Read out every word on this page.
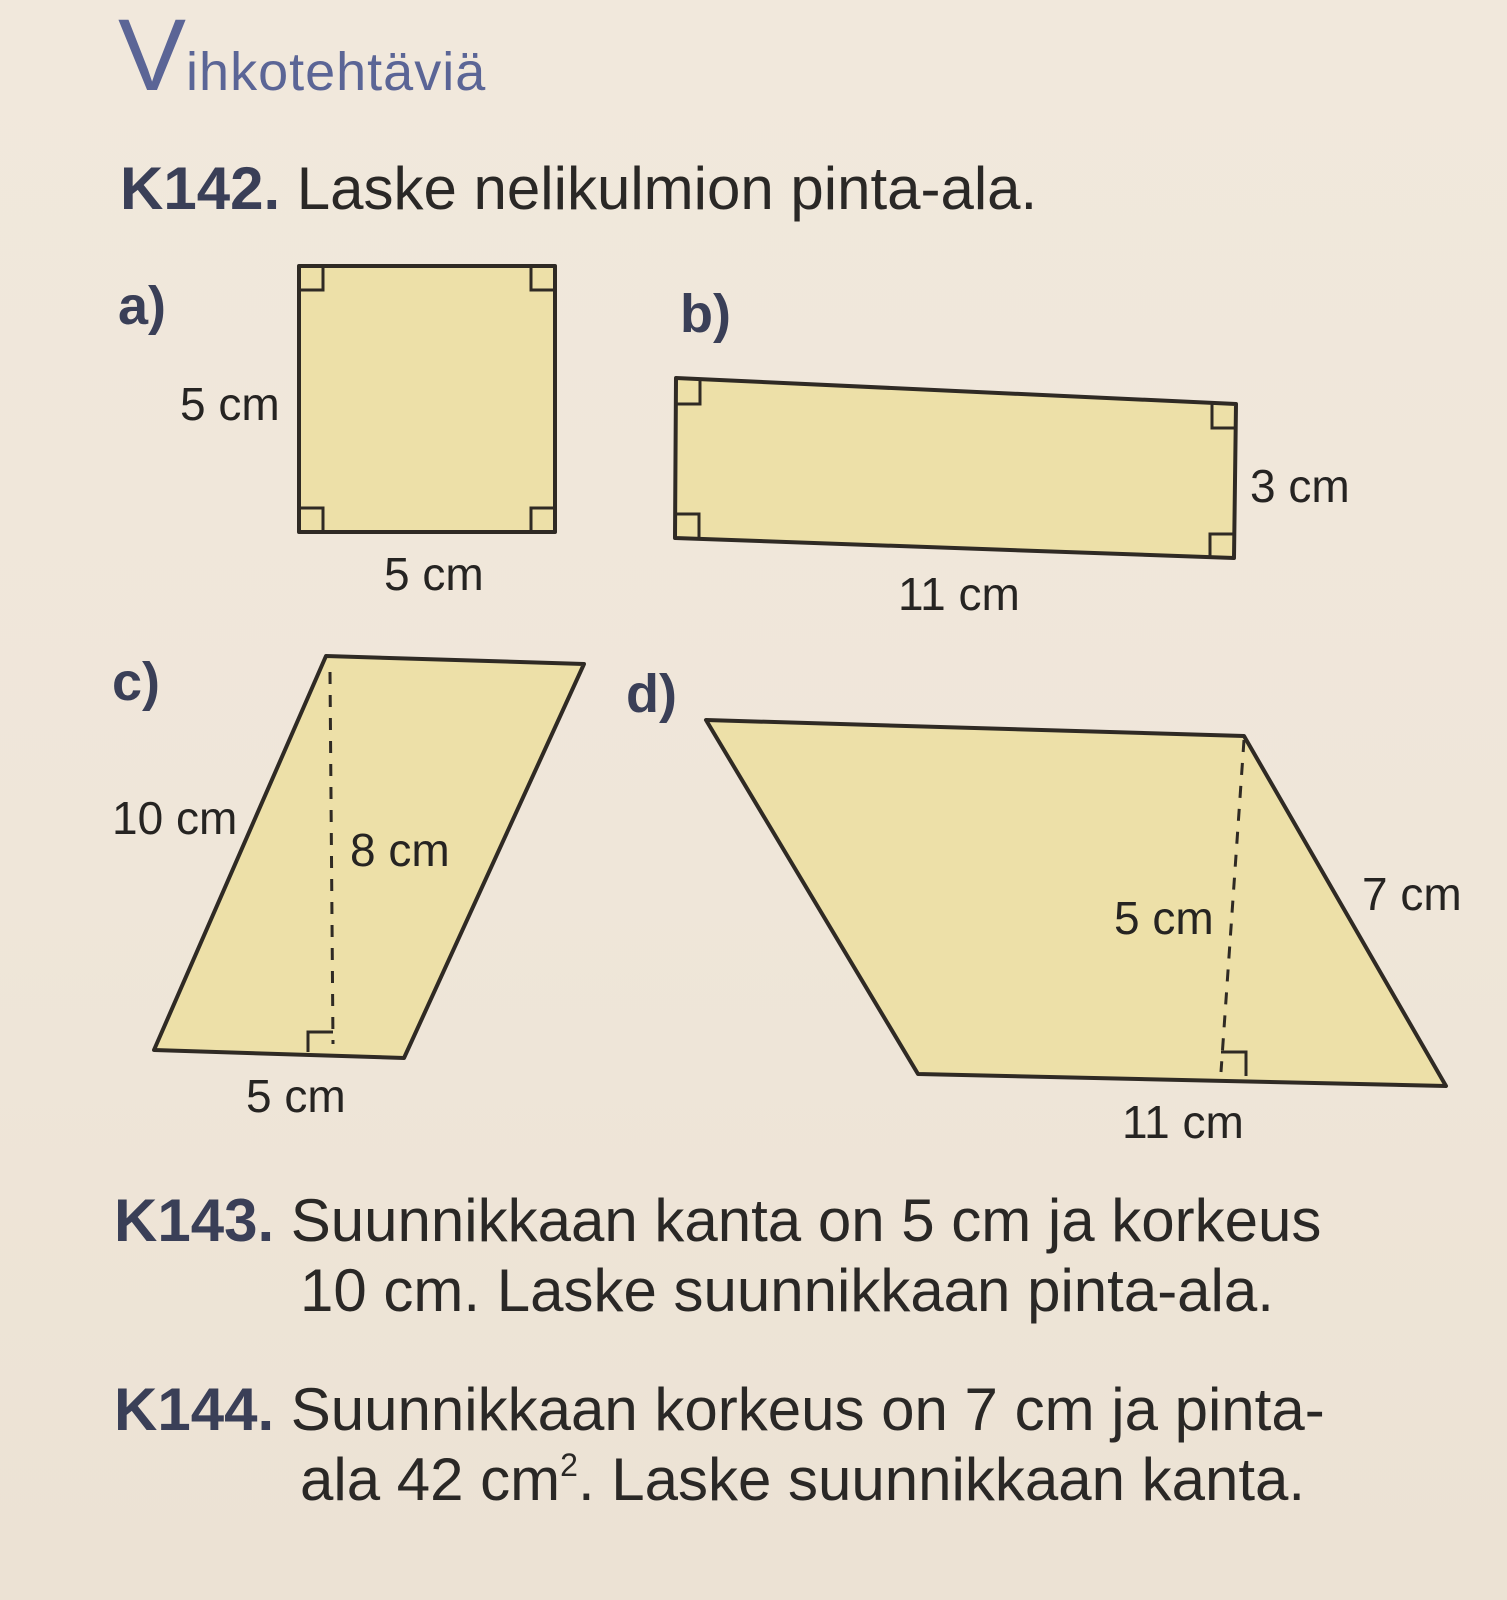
Vihkotehtäviä

K142. Laske nelikulmion pinta-ala.

a)
5 cm
5 cm
b)
3 cm
11 cm
c)
10 cm
8 cm
5 cm
d)
5 cm	7 cm
11 cm

K143. Suunnikkaan kanta on 5 cm ja korkeus
10 cm. Laske suunnikkaan pinta-ala.

K144. Suunnikkaan korkeus on 7 cm ja pinta-
ala 42 $cm^2$. Laske suunnikkaan kanta.
